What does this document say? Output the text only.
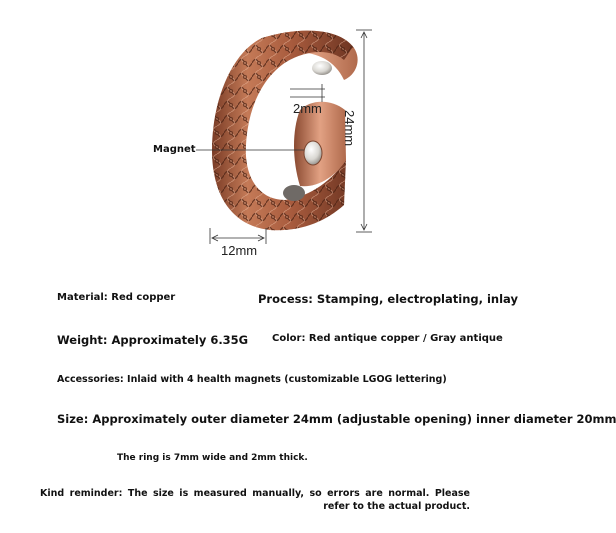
2mm
12mm
24mm
Magnet
Material: Red copper	Process: Stamping, electroplating, inlay
Weight: Approximately 6.35G Color: Red antique copper / Gray antique
Accessories: Inlaid with 4 health magnets (customizable LGOG lettering)
Size: Approximately outer diameter 24mm (adjustable opening) inner diameter 20mm
The ring is 7mm wide and 2mm thick.
Kind reminder: The size is measured manually, so errors are normal. Please refer to the actual product.
